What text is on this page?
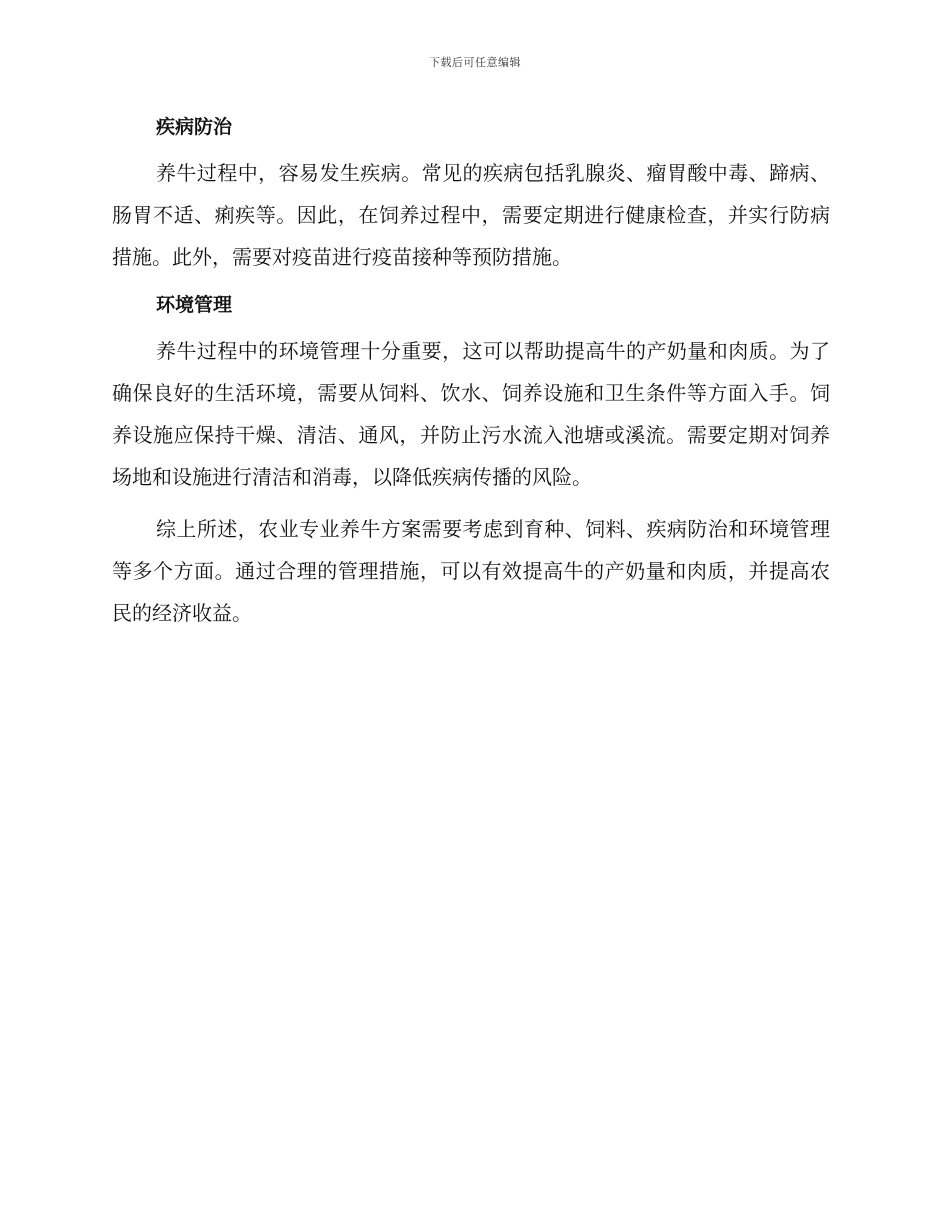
下载后可任意编辑
疾病防治

养牛过程中，容易发生疾病。常见的疾病包括乳腺炎、瘤胃酸中毒、蹄病、肠胃不适、痢疾等。因此，在饲养过程中，需要定期进行健康检查，并实行防病措施。此外，需要对疫苗进行疫苗接种等预防措施。

环境管理

养牛过程中的环境管理十分重要，这可以帮助提高牛的产奶量和肉质。为了确保良好的生活环境，需要从饲料、饮水、饲养设施和卫生条件等方面入手。饲养设施应保持干燥、清洁、通风，并防止污水流入池塘或溪流。需要定期对饲养场地和设施进行清洁和消毒，以降低疾病传播的风险。

综上所述，农业专业养牛方案需要考虑到育种、饲料、疾病防治和环境管理等多个方面。通过合理的管理措施，可以有效提高牛的产奶量和肉质，并提高农民的经济收益。
